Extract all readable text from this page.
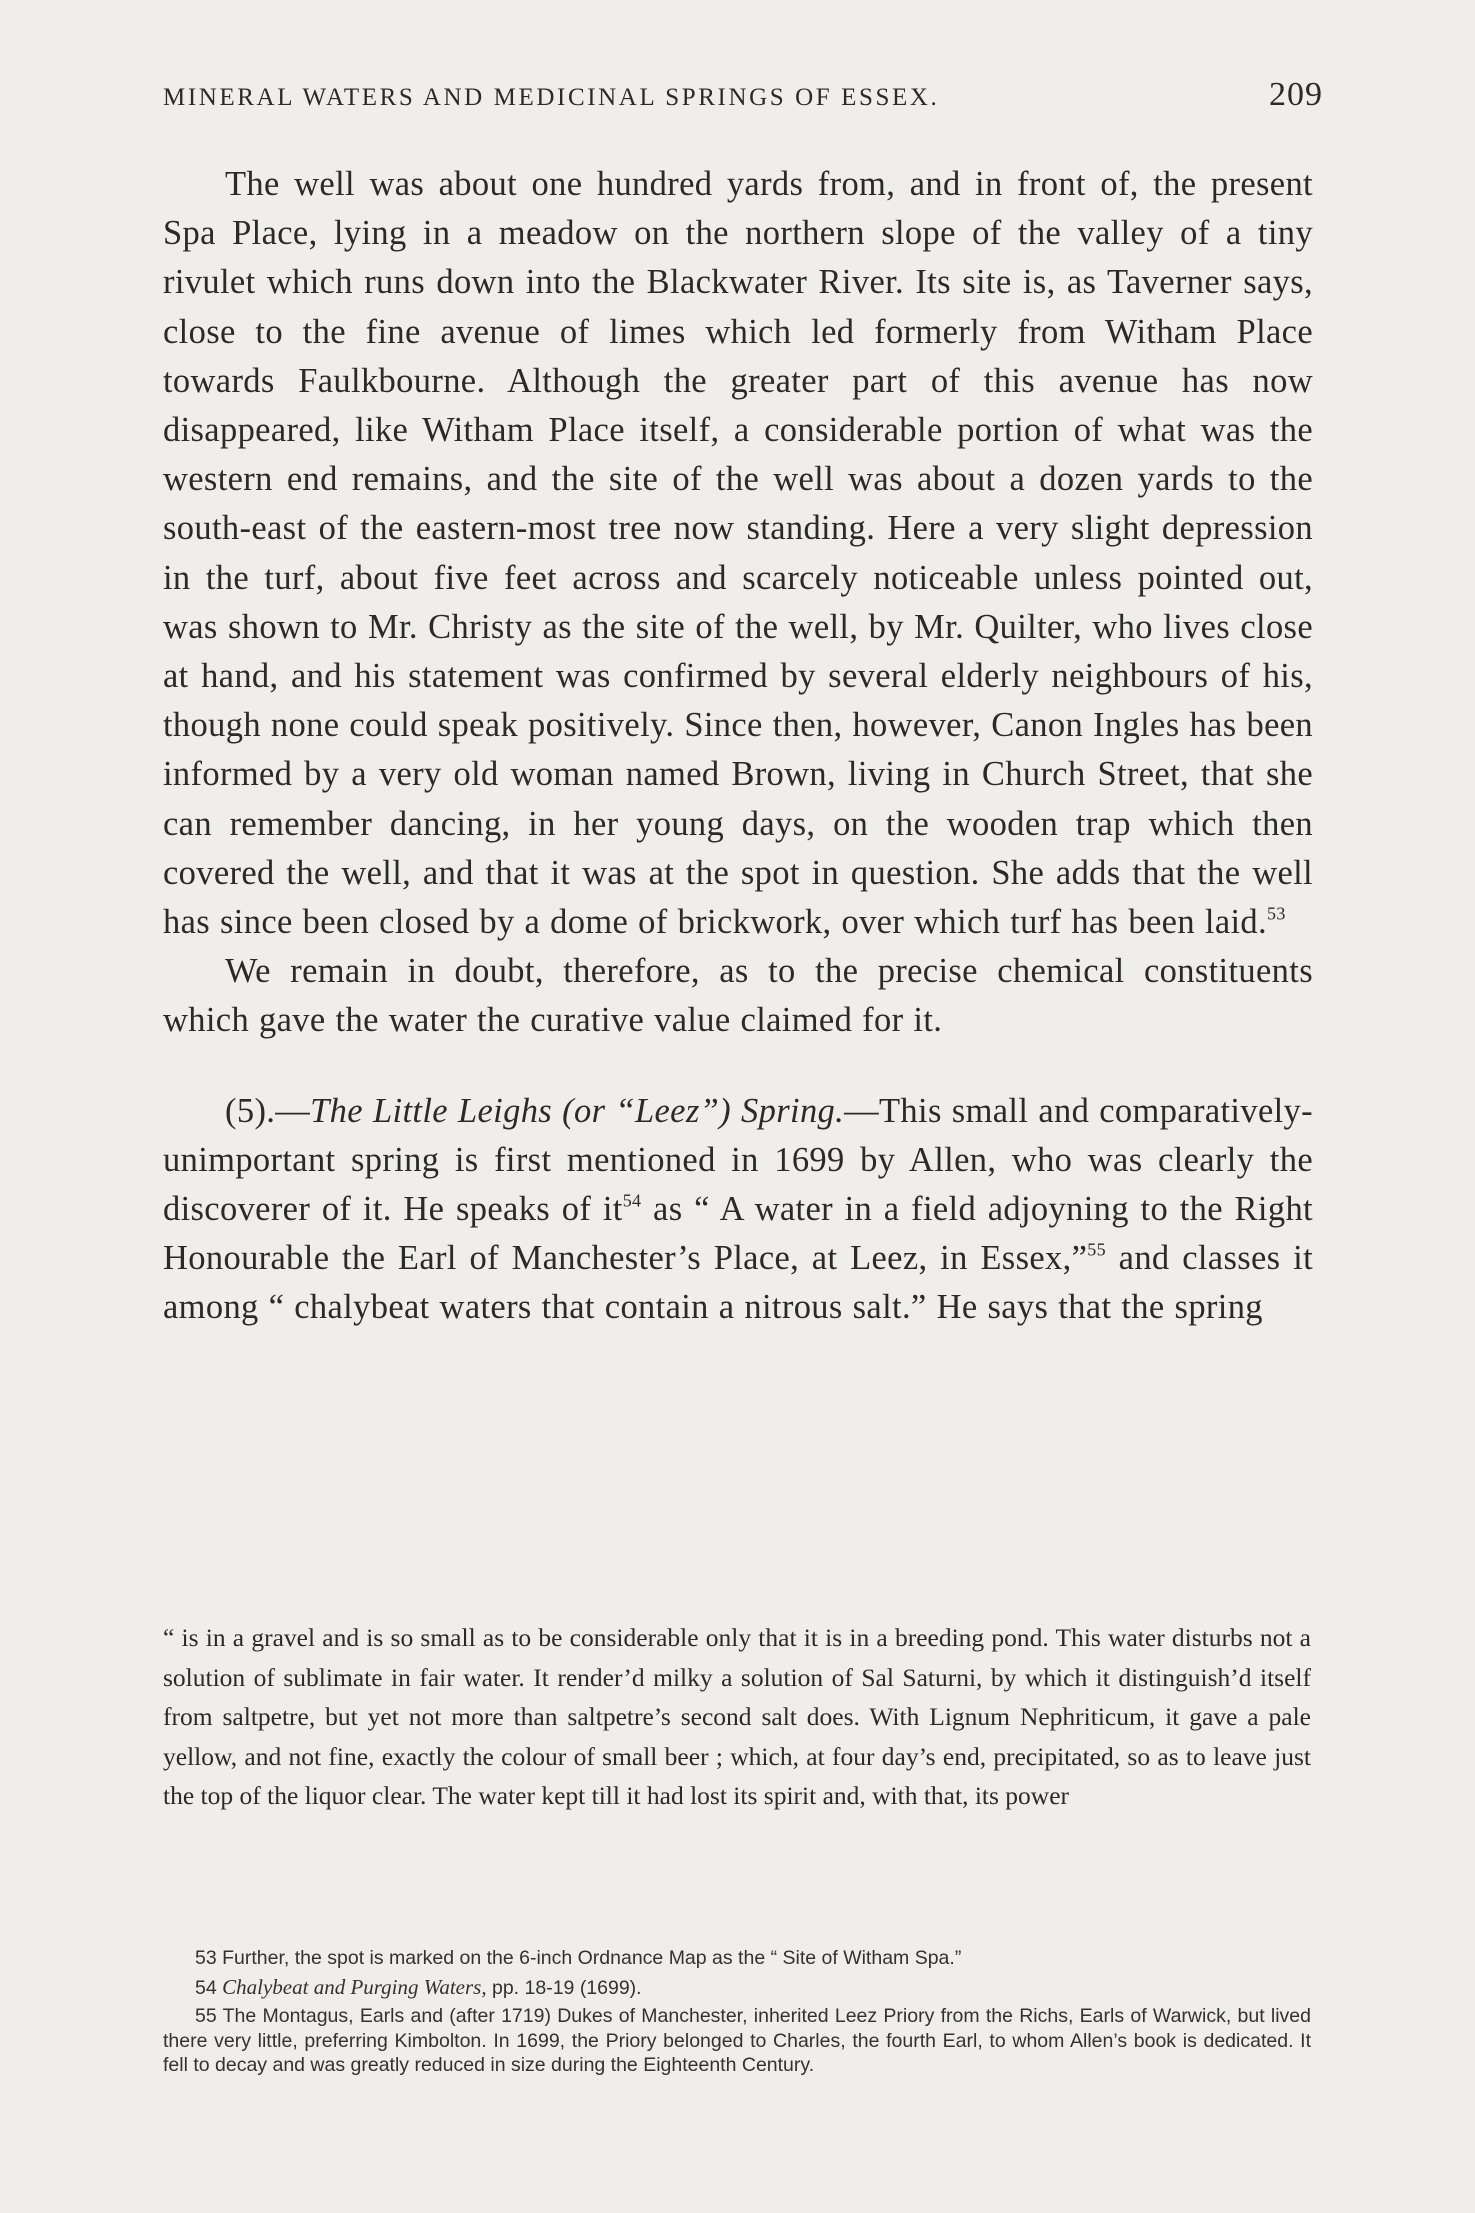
MINERAL WATERS AND MEDICINAL SPRINGS OF ESSEX.	209

The well was about one hundred yards from, and in front of, the present Spa Place, lying in a meadow on the northern slope of the valley of a tiny rivulet which runs down into the Blackwater River. Its site is, as Taverner says, close to the fine avenue of limes which led formerly from Witham Place towards Faulkbourne. Although the greater part of this avenue has now disappeared, like Witham Place itself, a considerable portion of what was the western end remains, and the site of the well was about a dozen yards to the south-east of the eastern-most tree now standing. Here a very slight depression in the turf, about five feet across and scarcely noticeable unless pointed out, was shown to Mr. Christy as the site of the well, by Mr. Quilter, who lives close at hand, and his statement was confirmed by several elderly neighbours of his, though none could speak positively. Since then, however, Canon Ingles has been informed by a very old woman named Brown, living in Church Street, that she can remember dancing, in her young days, on the wooden trap which then covered the well, and that it was at the spot in question. She adds that the well has since been closed by a dome of brickwork, over which turf has been laid.$^{53}$

We remain in doubt, therefore, as to the precise chemical constituents which gave the water the curative value claimed for it.

(5).—The Little Leighs (or “Leez”) Spring.—This small and comparatively-unimportant spring is first mentioned in 1699 by Allen, who was clearly the discoverer of it. He speaks of $it^{54}$ as “ A water in a field adjoyning to the Right Honourable the Earl of Manchester’s Place, at Leez, in Essex,”$^{55}$ and classes it among “ chalybeat waters that contain a nitrous salt.” He says that the spring

“ is in a gravel and is so small as to be considerable only that it is in a breeding pond. This water disturbs not a solution of sublimate in fair water. It render’d milky a solution of Sal Saturni, by which it distinguish’d itself from saltpetre, but yet not more than saltpetre’s second salt does. With Lignum Nephriticum, it gave a pale yellow, and not fine, exactly the colour of small beer ; which, at four day’s end, precipitated, so as to leave just the top of the liquor clear. The water kept till it had lost its spirit and, with that, its power

53 Further, the spot is marked on the 6-inch Ordnance Map as the “ Site of Witham Spa.”

54 Chalybeat and Purging Waters, pp. 18-19 (1699).

55 The Montagus, Earls and (after 1719) Dukes of Manchester, inherited Leez Priory from the Richs, Earls of Warwick, but lived there very little, preferring Kimbolton. In 1699, the Priory belonged to Charles, the fourth Earl, to whom Allen’s book is dedicated. It fell to decay and was greatly reduced in size during the Eighteenth Century.
